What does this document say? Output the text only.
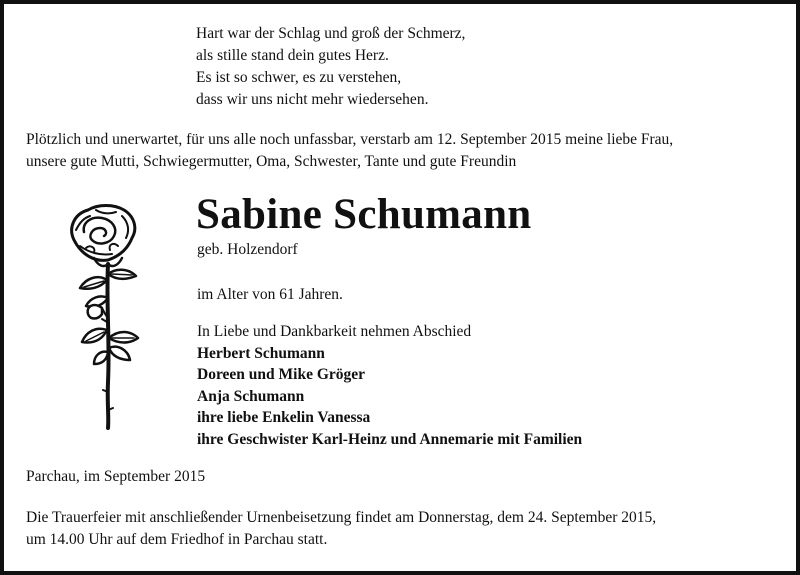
Hart war der Schlag und groß der Schmerz,
als stille stand dein gutes Herz.
Es ist so schwer, es zu verstehen,
dass wir uns nicht mehr wiedersehen.
Plötzlich und unerwartet, für uns alle noch unfassbar, verstarb am 12. September 2015 meine liebe Frau,
unsere gute Mutti, Schwiegermutter, Oma, Schwester, Tante und gute Freundin
Sabine Schumann
geb. Holzendorf
im Alter von 61 Jahren.
In Liebe und Dankbarkeit nehmen Abschied
Herbert Schumann
Doreen und Mike Gröger
Anja Schumann
ihre liebe Enkelin Vanessa
ihre Geschwister Karl-Heinz und Annemarie mit Familien
Parchau, im September 2015
Die Trauerfeier mit anschließender Urnenbeisetzung findet am Donnerstag, dem 24. September 2015,
um 14.00 Uhr auf dem Friedhof in Parchau statt.
